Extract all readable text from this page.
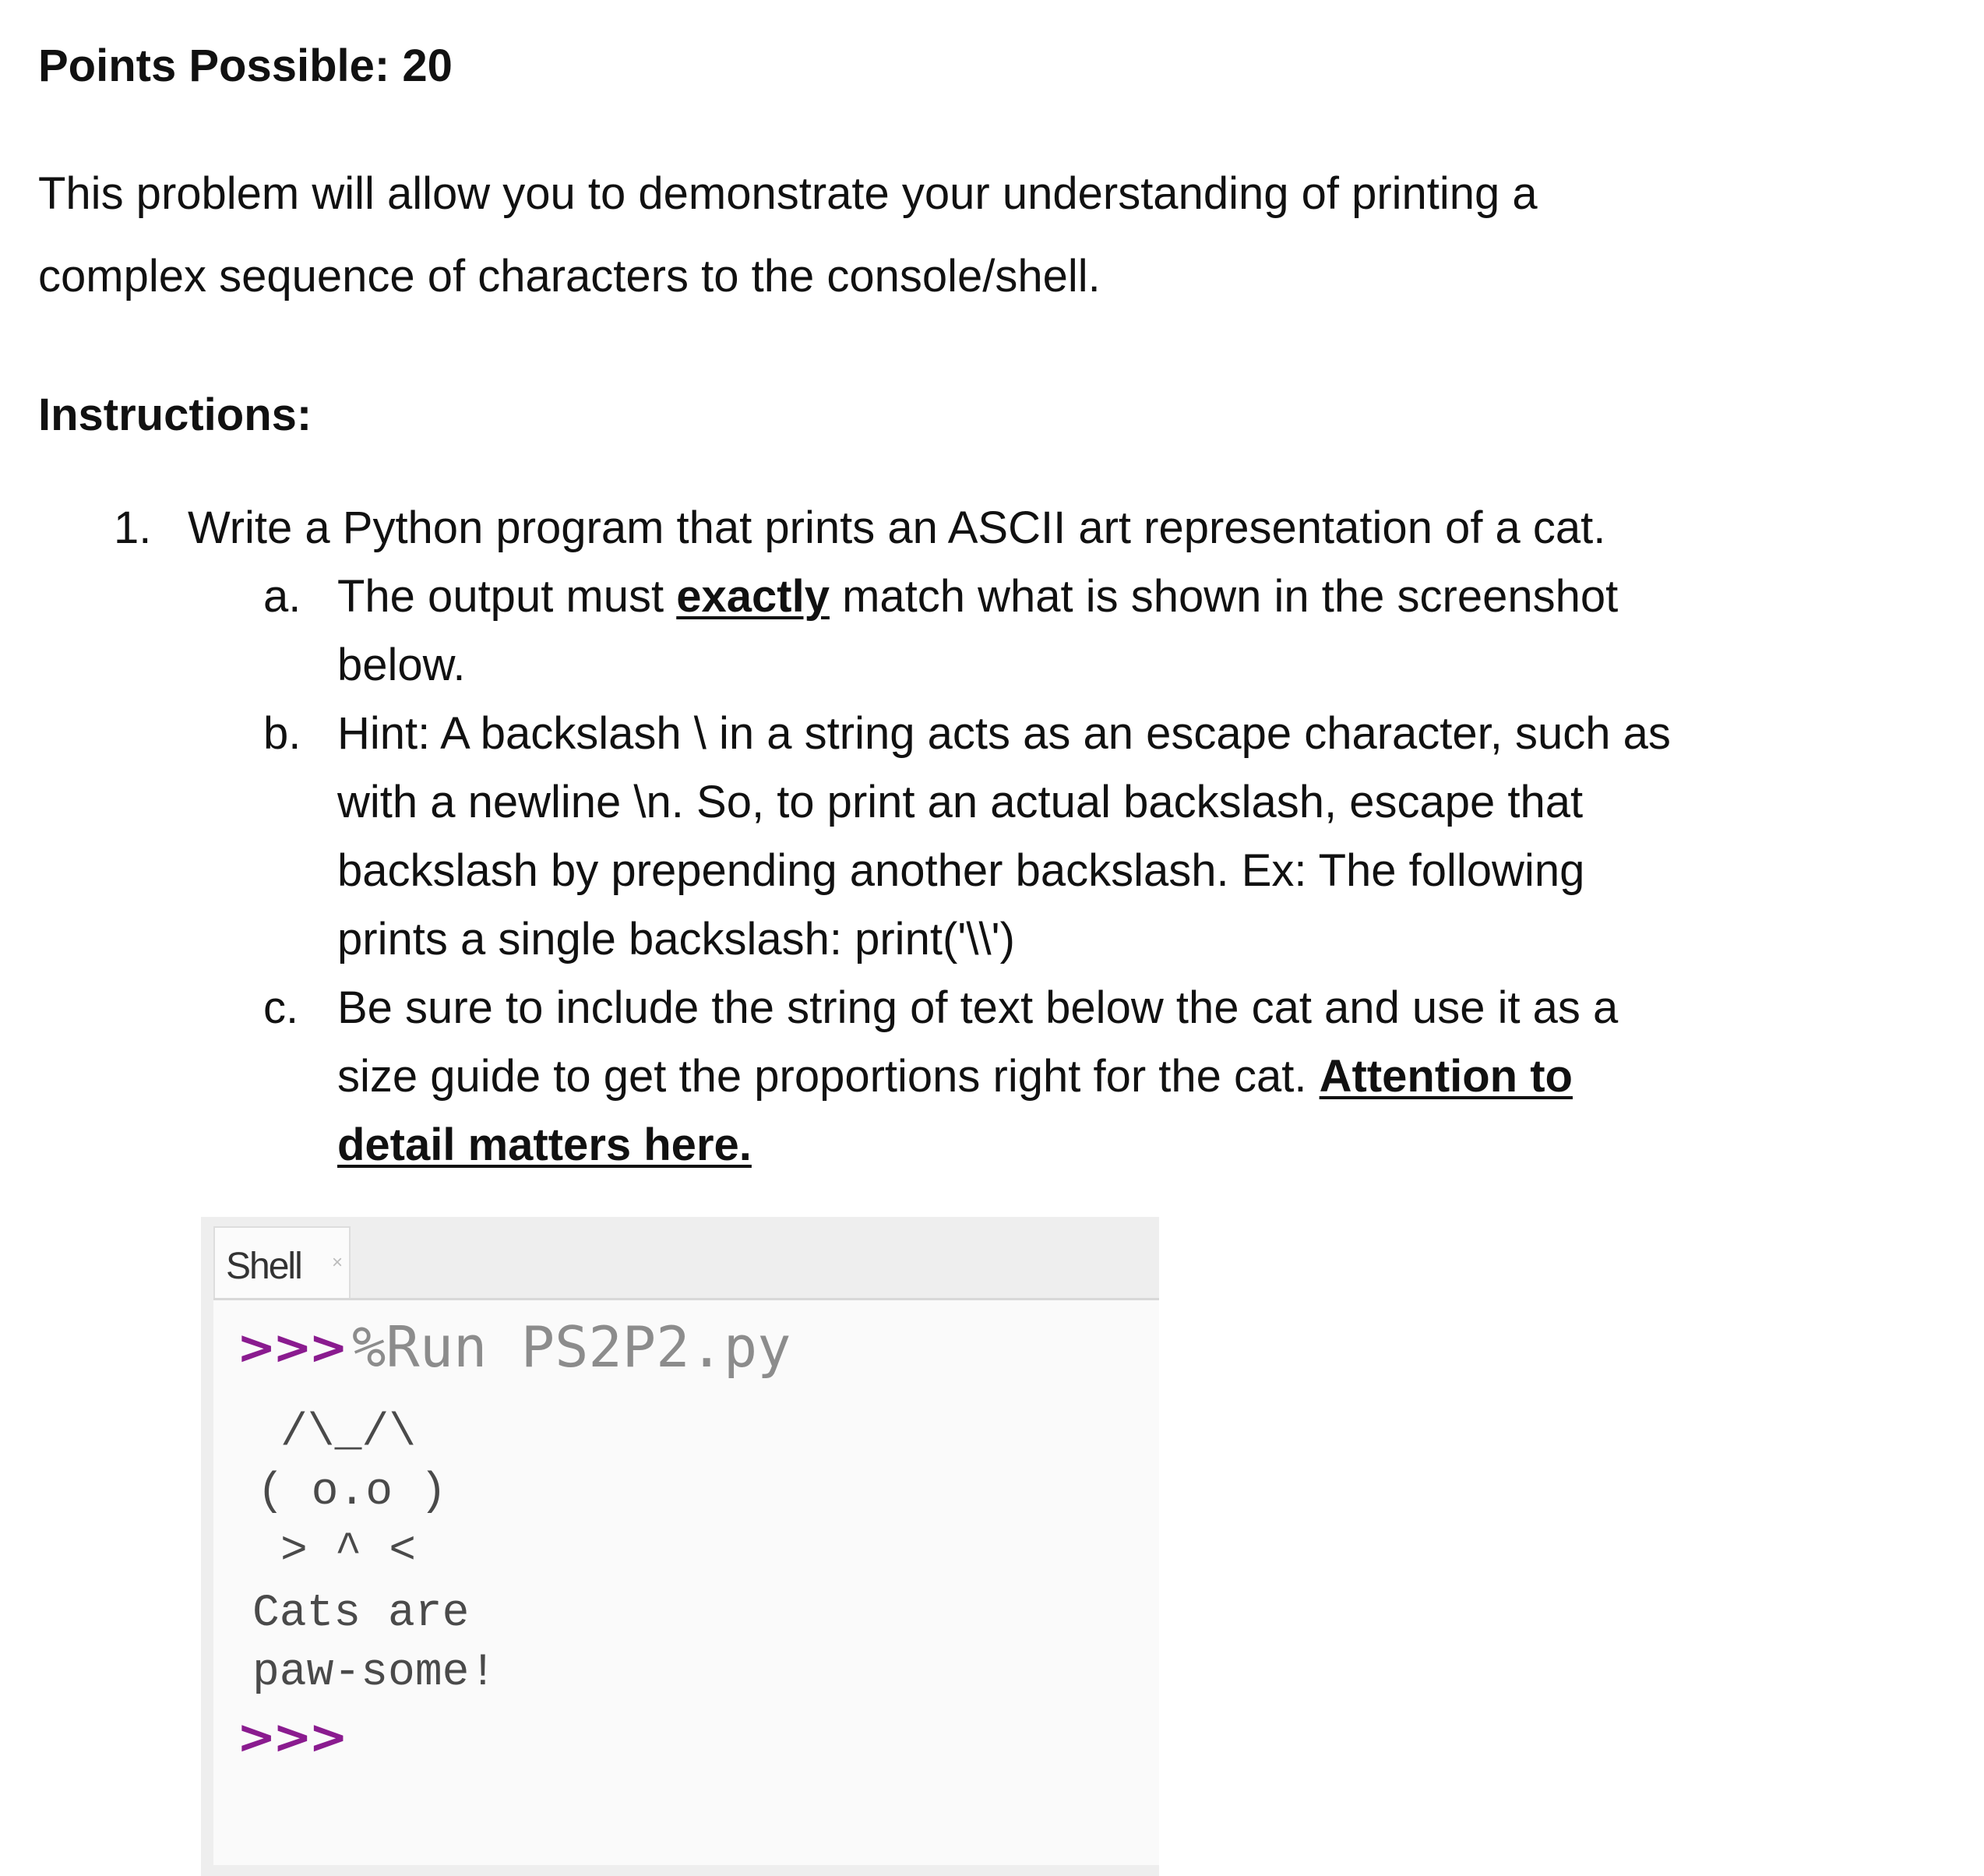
Points Possible: 20
This problem will allow you to demonstrate your understanding of printing a
complex sequence of characters to the console/shell.
Instructions:
1. Write a Python program that prints an ASCII art representation of a cat.
a. The output must exactly match what is shown in the screenshot
below.
b. Hint: A backslash \ in a string acts as an escape character, such as
with a newline \n. So, to print an actual backslash, escape that
backslash by prepending another backslash. Ex: The following
prints a single backslash: print('\\')
c. Be sure to include the string of text below the cat and use it as a
size guide to get the proportions right for the cat. Attention to
detail matters here.
Shell ×
>>> %Run PS2P2.py
/\_/\
( o.o )
> ^ <
Cats are
paw-some!
>>>
